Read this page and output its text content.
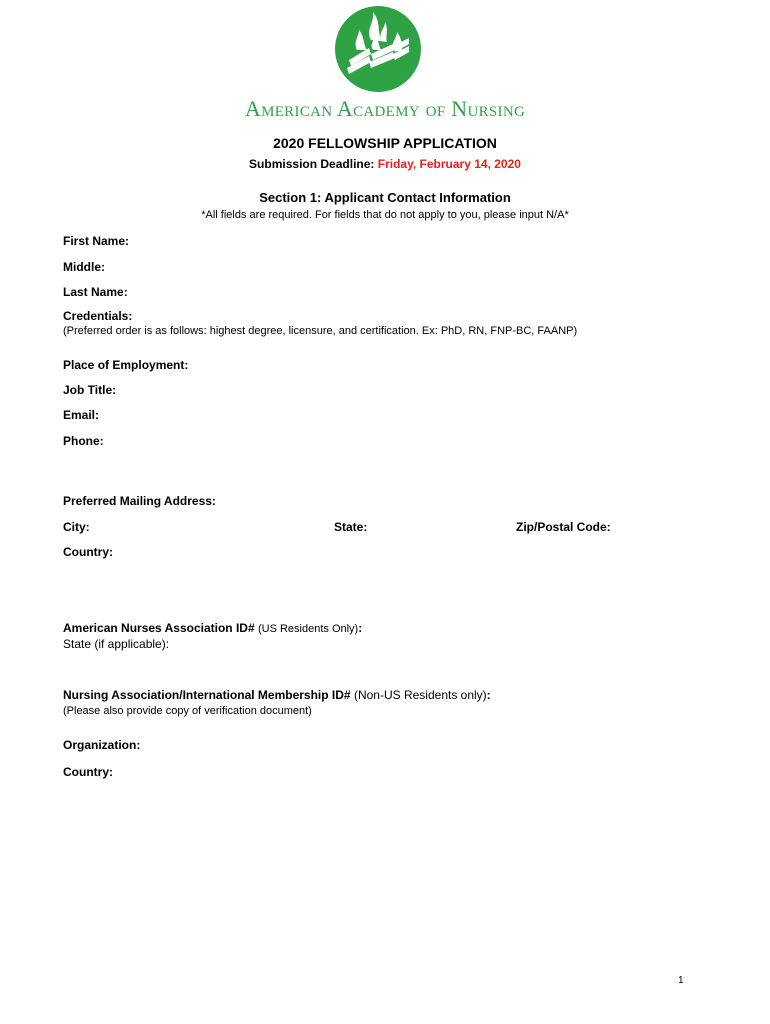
American Academy of Nursing
2020 FELLOWSHIP APPLICATION
Submission Deadline: Friday, February 14, 2020
Section 1: Applicant Contact Information
*All fields are required. For fields that do not apply to you, please input N/A*
First Name:
Middle:
Last Name:
Credentials:
(Preferred order is as follows: highest degree, licensure, and certification. Ex: PhD, RN, FNP-BC, FAANP)
Place of Employment:
Job Title:
Email:
Phone:
Preferred Mailing Address:
City:	State:	Zip/Postal Code:
Country:
American Nurses Association ID# (US Residents Only):
State (if applicable):
Nursing Association/International Membership ID# (Non-US Residents only):
(Please also provide copy of verification document)
Organization:
Country:
1
